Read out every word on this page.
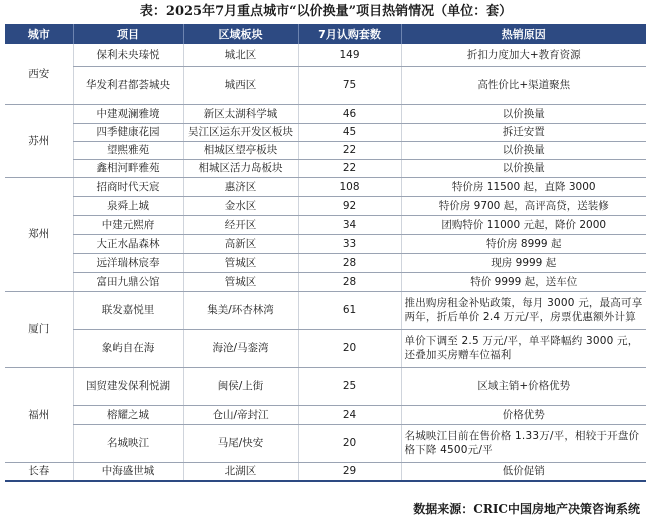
表：2025年7月重点城市“以价换量”项目热销情况（单位：套）
城市	项目	区域板块	7月认购套数	热销原因
西安	保利未央瑧悦	城北区	149	折扣力度加大+教育资源
	华发利君都荟城央	城西区	75	高性价比+渠道聚焦
苏州	中建观澜雅境	新区太湖科学城	46	以价换量
	四季健康花园	吴江区运东开发区板块	45	拆迁安置
	望熙雅苑	相城区望亭板块	22	以价换量
	鑫相河畔雅苑	相城区活力岛板块	22	以价换量
郑州	招商时代天宸	惠济区	108	特价房 11500 起，直降 3000
	泉舜上城	金水区	92	特价房 9700 起，高评高贷，送装修
	中建元熙府	经开区	34	团购特价 11000 元起，降价 2000
	大正水晶森林	高新区	33	特价房 8999 起
	远洋瑞林宸奉	管城区	28	现房 9999 起
	富田九鼎公馆	管城区	28	特价 9999 起，送车位
厦门	联发嘉悦里	集美/环杏林湾	61	推出购房租金补贴政策，每月 3000 元，最高可享两年，折后单价 2.4 万元/平，房票优惠额外计算
	象屿自在海	海沧/马銮湾	20	单价下调至 2.5 万元/平，单平降幅约 3000 元，还叠加买房赠车位福利
福州	国贸建发保利悦湖	闽侯/上街	25	区域主销+价格优势
	榕耀之城	仓山/帝封江	24	价格优势
	名城映江	马尾/快安	20	名城映江目前在售价格 1.33万/平，相较于开盘价格下降 4500元/平
长春	中海盛世城	北湖区	29	低价促销
数据来源：CRIC中国房地产决策咨询系统
